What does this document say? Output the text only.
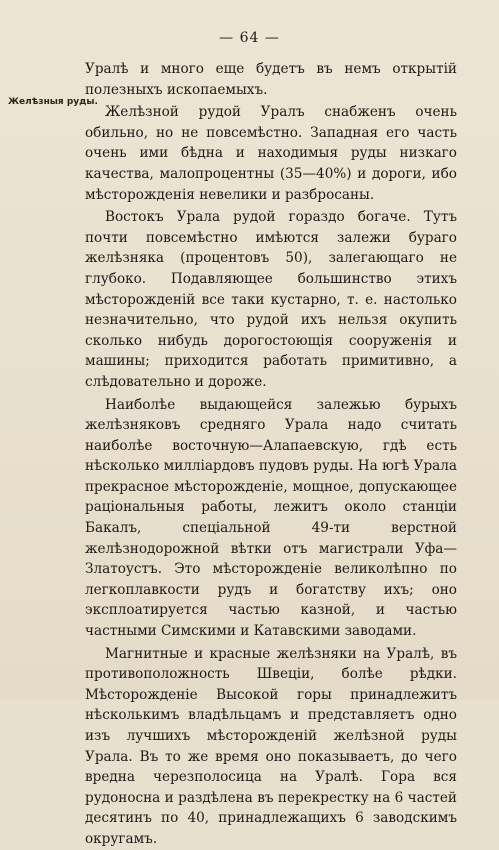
— 64 —
Желѣзныя руды.

Уралѣ и много еще будетъ въ немъ открытій полезныхъ ископаемыхъ.

Желѣзной рудой Уралъ снабженъ очень обильно, но не повсемѣстно. Западная его часть очень ими бѣдна и находимыя руды низкаго качества, малопроцентны (35—40%) и дороги, ибо мѣсторожденія невелики и разбросаны.

Востокъ Урала рудой гораздо богаче. Тутъ почти повсемѣстно имѣются залежи бураго желѣзняка (процентовъ 50), залегающаго не глубоко. Подавляющее большинство этихъ мѣсторожденій все таки кустарно, т. е. настолько незначительно, что рудой ихъ нельзя окупить сколько нибудь дорогостоющія сооруженія и машины; приходится работать примитивно, а слѣдовательно и дороже.

Наиболѣе выдающейся залежью бурыхъ желѣзняковъ средняго Урала надо считать наиболѣе восточную—Алапаевскую, гдѣ есть нѣсколько миллiардовъ пудовъ руды. На югѣ Урала прекрасное мѣсторожденіе, мощное, допускающее раціональныя работы, лежитъ около станціи Бакалъ, спеціальной 49-ти верстной желѣзнодорожной вѣтки отъ магистрали Уфа—Златоустъ. Это мѣсторожденіе великолѣпно по легкоплавкости рудъ и богатству ихъ; оно эксплоатируется частью казной, и частью частными Симскими и Катавскими заводами.

Магнитные и красные желѣзняки на Уралѣ, въ противоположность Швеціи, болѣе рѣдки. Мѣсторожденіе Высокой горы принадлежитъ нѣсколькимъ владѣльцамъ и представляетъ одно изъ лучшихъ мѣсторожденій желѣзной руды Урала. Въ то же время оно показываетъ, до чего вредна черезполосица на Уралѣ. Гора вся рудоносна и раздѣлена въ перекрестку на 6 частей десятинъ по 40, принадлежащихъ 6 заводскимъ округамъ.
